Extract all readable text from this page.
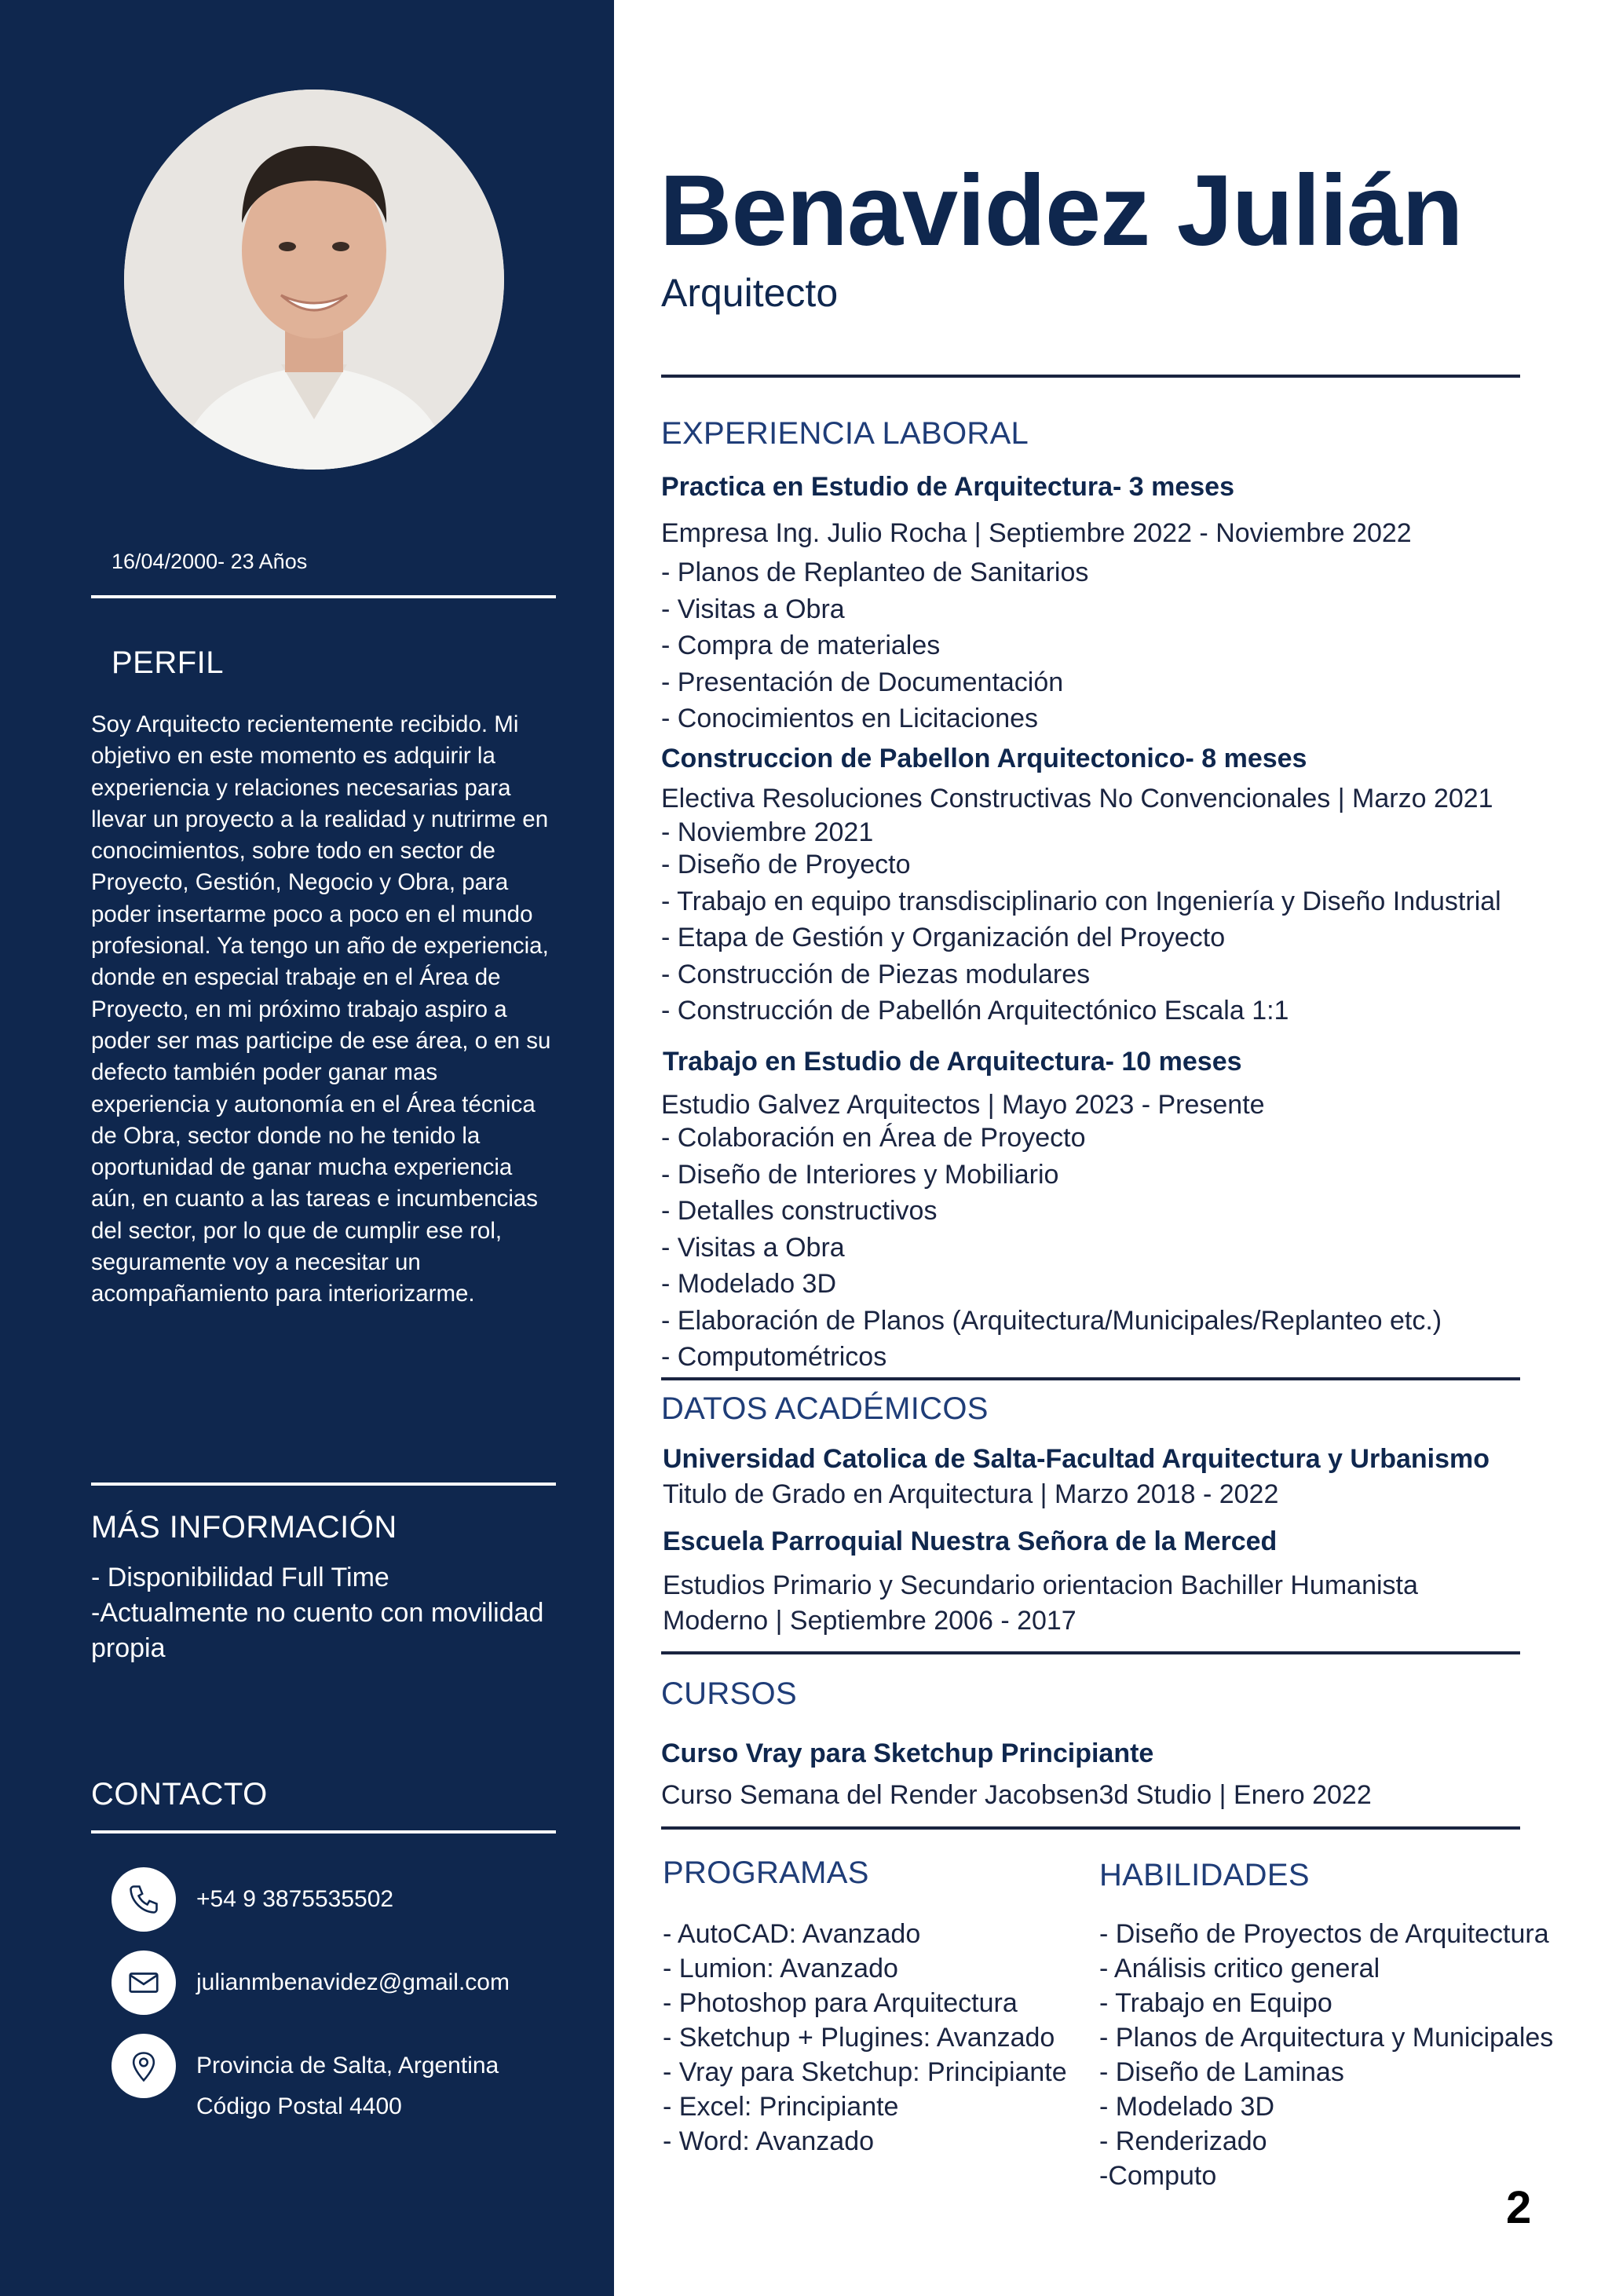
16/04/2000- 23 Años
PERFIL
Soy Arquitecto recientemente recibido. Mi objetivo en este momento es adquirir la experiencia y relaciones necesarias para llevar un proyecto a la realidad y nutrirme en conocimientos, sobre todo en sector de Proyecto, Gestión, Negocio y Obra, para poder insertarme poco a poco en el mundo profesional. Ya tengo un año de experiencia, donde en especial trabaje en el Área de Proyecto, en mi próximo trabajo aspiro a poder ser mas participe de ese área, o en su defecto también poder ganar mas experiencia y autonomía en el Área técnica de Obra, sector donde no he tenido la oportunidad de ganar mucha experiencia aún, en cuanto a las tareas e incumbencias del sector, por lo que de cumplir ese rol, seguramente voy a necesitar un acompañamiento para interiorizarme.
MÁS INFORMACIÓN
- Disponibilidad Full Time
-Actualmente no cuento con movilidad propia
CONTACTO
+54 9 3875535502
julianmbenavidez@gmail.com
Provincia de Salta, Argentina
Código Postal 4400
Benavidez Julián
Arquitecto
EXPERIENCIA LABORAL
Practica en Estudio de Arquitectura- 3 meses
Empresa Ing. Julio Rocha | Septiembre 2022 - Noviembre 2022
- Planos de Replanteo de Sanitarios
- Visitas a Obra
- Compra de materiales
- Presentación de Documentación
- Conocimientos en Licitaciones
Construccion de Pabellon Arquitectonico- 8 meses
Electiva Resoluciones Constructivas No Convencionales | Marzo 2021 - Noviembre 2021
- Diseño de Proyecto
- Trabajo en equipo transdisciplinario con Ingeniería y Diseño Industrial
- Etapa de Gestión y Organización del Proyecto
- Construcción de Piezas modulares
- Construcción de Pabellón Arquitectónico Escala 1:1
Trabajo en Estudio de Arquitectura- 10 meses
Estudio Galvez Arquitectos | Mayo 2023 - Presente
- Colaboración en Área de Proyecto
- Diseño de Interiores y Mobiliario
- Detalles constructivos
- Visitas a Obra
- Modelado 3D
- Elaboración de Planos (Arquitectura/Municipales/Replanteo etc.)
- Computométricos
DATOS ACADÉMICOS
Universidad Catolica de Salta-Facultad Arquitectura y Urbanismo
Titulo de Grado en Arquitectura | Marzo 2018 - 2022
Escuela Parroquial Nuestra Señora de la Merced
Estudios Primario y Secundario orientacion Bachiller Humanista Moderno | Septiembre 2006 - 2017
CURSOS
Curso Vray para Sketchup Principiante
Curso Semana del Render Jacobsen3d Studio | Enero 2022
PROGRAMAS
- AutoCAD: Avanzado
- Lumion: Avanzado
- Photoshop para Arquitectura
- Sketchup + Plugines: Avanzado
- Vray para Sketchup: Principiante
- Excel: Principiante
- Word: Avanzado
HABILIDADES
- Diseño de Proyectos de Arquitectura
- Análisis critico general
- Trabajo en Equipo
- Planos de Arquitectura y Municipales
- Diseño de Laminas
- Modelado 3D
- Renderizado
-Computo
2
